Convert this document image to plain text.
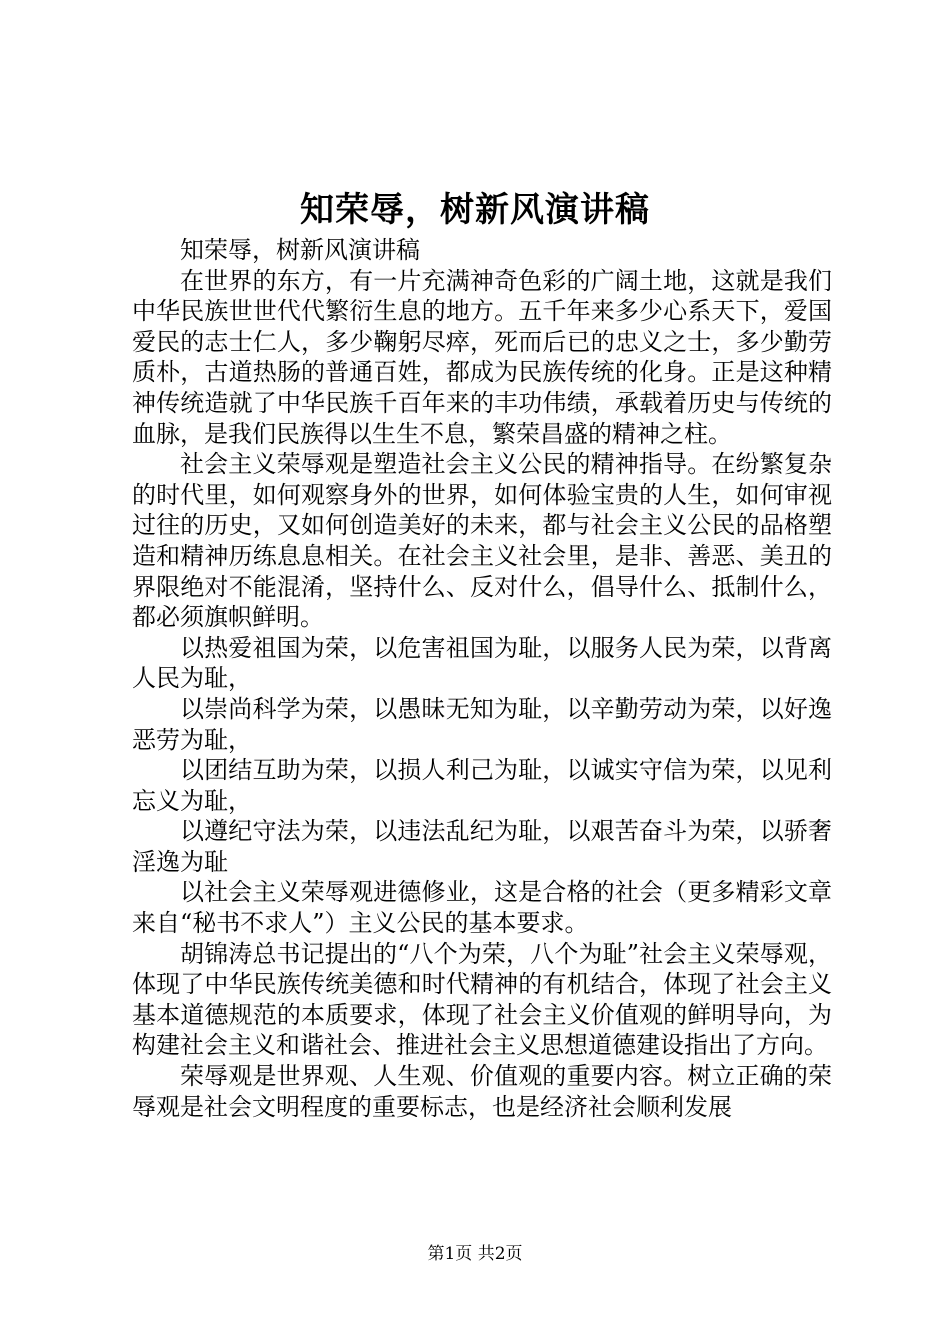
知荣辱，树新风演讲稿

知荣辱，树新风演讲稿

在世界的东方，有一片充满神奇色彩的广阔土地，这就是我们中华民族世世代代繁衍生息的地方。五千年来多少心系天下，爱国爱民的志士仁人，多少鞠躬尽瘁，死而后已的忠义之士，多少勤劳质朴，古道热肠的普通百姓，都成为民族传统的化身。正是这种精神传统造就了中华民族千百年来的丰功伟绩，承载着历史与传统的血脉，是我们民族得以生生不息，繁荣昌盛的精神之柱。

社会主义荣辱观是塑造社会主义公民的精神指导。在纷繁复杂的时代里，如何观察身外的世界，如何体验宝贵的人生，如何审视过往的历史，又如何创造美好的未来，都与社会主义公民的品格塑造和精神历练息息相关。在社会主义社会里，是非、善恶、美丑的界限绝对不能混淆，坚持什么、反对什么，倡导什么、抵制什么，都必须旗帜鲜明。

以热爱祖国为荣，以危害祖国为耻，以服务人民为荣，以背离人民为耻，

以崇尚科学为荣，以愚昧无知为耻，以辛勤劳动为荣，以好逸恶劳为耻，

以团结互助为荣，以损人利己为耻，以诚实守信为荣，以见利忘义为耻，

以遵纪守法为荣，以违法乱纪为耻，以艰苦奋斗为荣，以骄奢淫逸为耻

以社会主义荣辱观进德修业，这是合格的社会（更多精彩文章来自“秘书不求人”）主义公民的基本要求。

胡锦涛总书记提出的“八个为荣，八个为耻”社会主义荣辱观，体现了中华民族传统美德和时代精神的有机结合，体现了社会主义基本道德规范的本质要求，体现了社会主义价值观的鲜明导向，为构建社会主义和谐社会、推进社会主义思想道德建设指出了方向。

荣辱观是世界观、人生观、价值观的重要内容。树立正确的荣辱观是社会文明程度的重要标志，也是经济社会顺利发展

第1页 共2页
